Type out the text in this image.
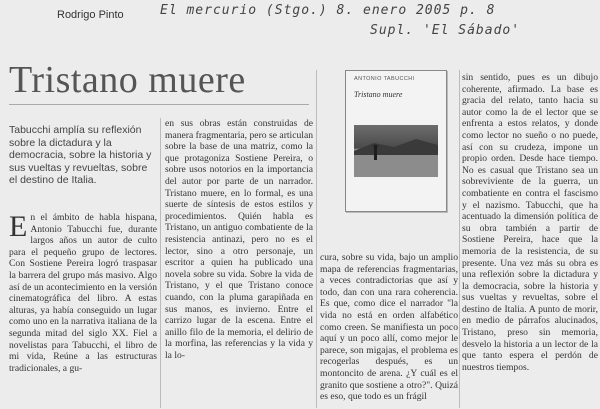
Rodrigo Pinto	El mercurio (Stgo.) 8. enero 2005 p. 8
Supl. 'El Sábado'
Tristano muere

Tabucchi amplía su reflexión sobre la dictadura y la democracia, sobre la historia y sus vueltas y revueltas, sobre el destino de Italia.

E n el ámbito de habla hispana, Antonio Tabucchi fue, durante largos años un autor de culto para el pequeño grupo de lectores. Con Sostiene Pereira logró traspasar la barrera del grupo más masivo. Algo así de un acontecimiento en la versión cinematográfica del libro. A estas alturas, ya había conseguido un lugar como uno en la narrativa italiana de la segunda mitad del siglo XX. Fiel a novelistas para Tabucchi, el libro de mi vida, Reúne a las estructuras tradicionales, a gu-
en sus obras están construidas de manera fragmentaria, pero se articulan sobre la base de una matriz, como la que protagoniza Sostiene Pereira, o sobre usos notorios en la importancia del autor por parte de un narrador. Tristano muere, en lo formal, es una suerte de síntesis de estos estilos y procedimientos. Quién habla es Tristano, un antiguo combatiente de la resistencia antinazi, pero no es el lector, sino a otro personaje, un escritor a quien ha publicado una novela sobre su vida. Sobre la vida de Tristano, y el que Tristano conoce cuando, con la pluma garapiñada en sus manos, es invierno. Entre el carrizo lugar de la escena. Entre el anillo filo de la memoria, el delirio de la morfina, las referencias y la vida y la lo-
ANTONIO TABUCCHI
Tristano muere
cura, sobre su vida, bajo un amplio mapa de referencias fragmentarias, a veces contradictorias que así y todo, dan con una rara coherencia. Es que, como dice el narrador "la vida no está en orden alfabético como creen. Se manifiesta un poco aquí y un poco allí, como mejor le parece, son migajas, el problema es recogerlas después, es un montoncito de arena. ¿Y cuál es el granito que sostiene a otro?". Quizá es eso, que todo es un frágil
sin sentido, pues es un dibujo coherente, afirmado. La base es gracia del relato, tanto hacia su autor como la de el lector que se enfrenta a estos relatos, y donde como lector no sueño o no puede, así con su crudeza, impone un propio orden. Desde hace tiempo. No es casual que Tristano sea un sobreviviente de la guerra, un combatiente en contra el fascismo y el nazismo. Tabucchi, que ha acentuado la dimensión política de su obra también a partir de Sostiene Pereira, hace que la memoria de la resistencia, de su presente. Una vez más su obra es una reflexión sobre la dictadura y la democracia, sobre la historia y sus vueltas y revueltas, sobre el destino de Italia. A punto de morir, en medio de párrafos alucinados, Tristano, preso sin memoria, desvelo la historia a un lector de la que tanto espera el perdón de nuestros tiempos.
